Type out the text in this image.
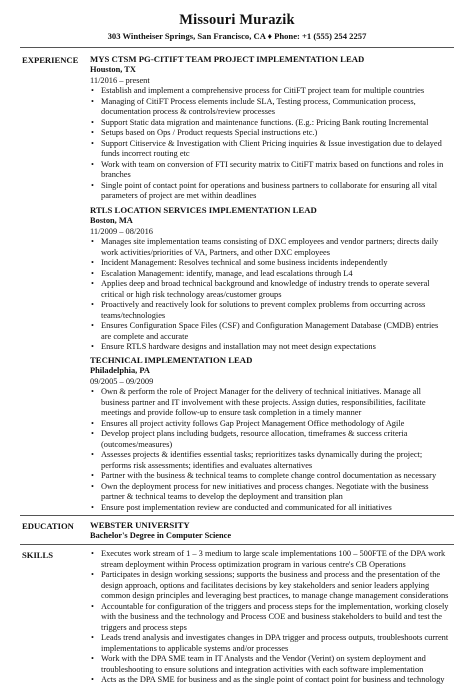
Missouri Murazik
303 Wintheiser Springs, San Francisco, CA ♦ Phone: +1 (555) 254 2257
EXPERIENCE MYS CTSM PG-CITIFT TEAM PROJECT IMPLEMENTATION LEAD
Houston, TX
11/2016 – present
• Establish and implement a comprehensive process for CitiFT project team for multiple countries
• Managing of CitiFT Process elements include SLA, Testing process, Communication process, documentation process & controls/review processes
• Support Static data migration and maintenance functions. (E.g.: Pricing Bank routing Incremental
• Setups based on Ops / Product requests Special instructions etc.)
• Support Citiservice & Investigation with Client Pricing inquiries & Issue investigation due to delayed funds incorrect routing etc
• Work with team on conversion of FTI security matrix to CitiFT matrix based on functions and roles in branches
• Single point of contact point for operations and business partners to collaborate for ensuring all vital parameters of project are met within deadlines
RTLS LOCATION SERVICES IMPLEMENTATION LEAD
Boston, MA
11/2009 – 08/2016
• Manages site implementation teams consisting of DXC employees and vendor partners; directs daily work activities/priorities of VA, Partners, and other DXC employees
• Incident Management: Resolves technical and some business incidents independently
• Escalation Management: identify, manage, and lead escalations through L4
• Applies deep and broad technical background and knowledge of industry trends to operate several critical or high risk technology areas/customer groups
• Proactively and reactively look for solutions to prevent complex problems from occurring across teams/technologies
• Ensures Configuration Space Files (CSF) and Configuration Management Database (CMDB) entries are complete and accurate
• Ensure RTLS hardware designs and installation may not meet design expectations
TECHNICAL IMPLEMENTATION LEAD
Philadelphia, PA
09/2005 – 09/2009
• Own & perform the role of Project Manager for the delivery of technical initiatives. Manage all business partner and IT involvement with these projects. Assign duties, responsibilities, facilitate meetings and provide follow-up to ensure task completion in a timely manner
• Ensures all project activity follows Gap Project Management Office methodology of Agile
• Develop project plans including budgets, resource allocation, timeframes & success criteria (outcomes/measures)
• Assesses projects & identifies essential tasks; reprioritizes tasks dynamically during the project; performs risk assessments; identifies and evaluates alternatives
• Partner with the business & technical teams to complete change control documentation as necessary
• Own the deployment process for new initiatives and process changes. Negotiate with the business partner & technical teams to develop the deployment and transition plan
• Ensure post implementation review are conducted and communicated for all initiatives
EDUCATION WEBSTER UNIVERSITY
Bachelor's Degree in Computer Science
SKILLS
•	Executes work stream of 1 – 3 medium to large scale implementations 100 – 500FTE of the DPA work stream deployment within Process optimization program in various centre's CB Operations
• Participates in design working sessions; supports the business and process and the presentation of the design approach, options and facilitates decisions by key stakeholders and senior leaders applying common design principles and leveraging best practices, to manage change management considerations
• Accountable for configuration of the triggers and process steps for the implementation, working closely with the business and the technology and Process COE and business stakeholders to build and test the triggers and process steps
• Leads trend analysis and investigates changes in DPA trigger and process outputs, troubleshoots current implementations to applicable systems and/or processes
• Work with the DPA SME team in IT Analysts and the Vendor (Verint) on system deployment and troubleshooting to ensure solutions and integration activities with each software implementation
• Acts as the DPA SME for business and as the single point of contact point for business and technology
